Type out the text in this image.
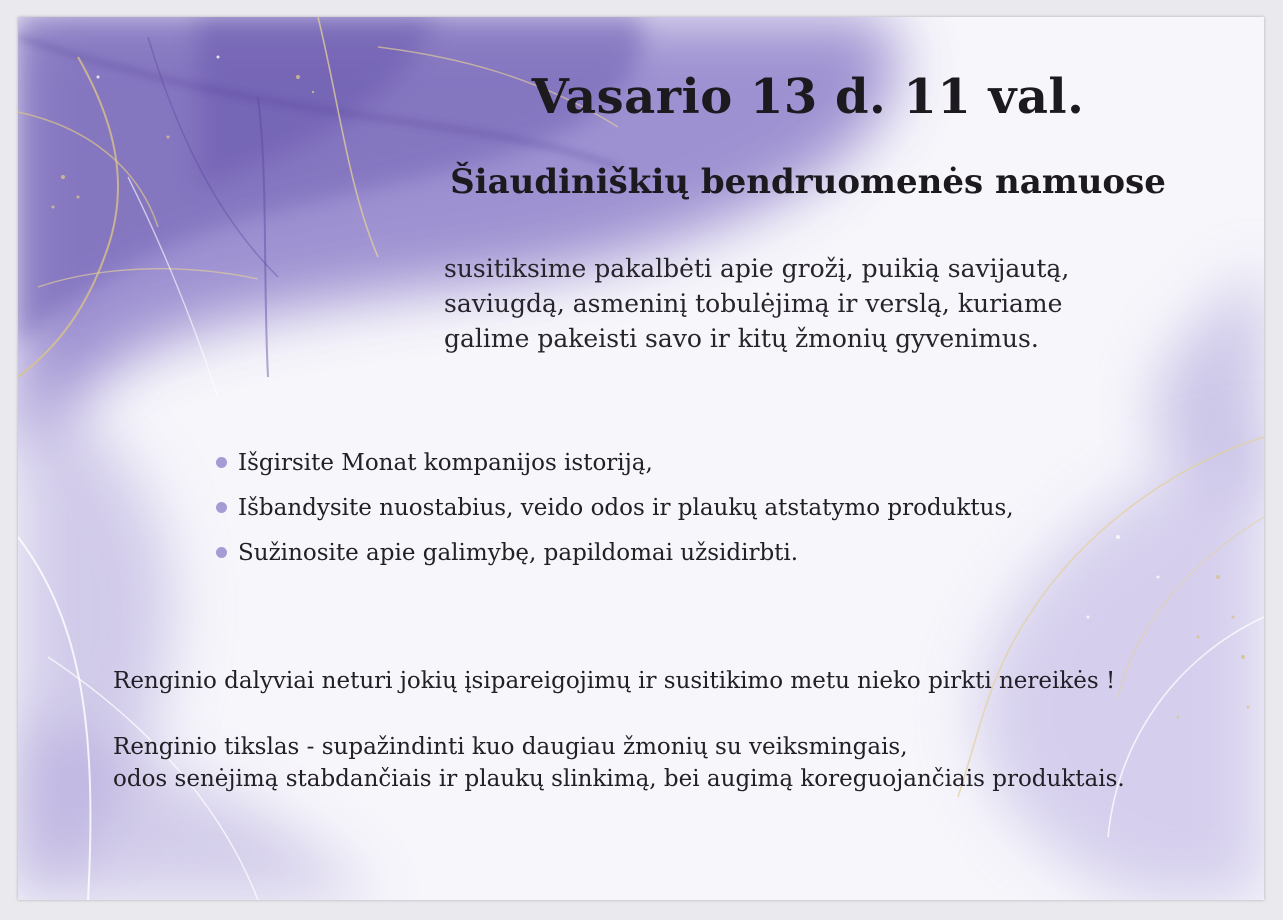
Vasario 13 d. 11 val.
Šiaudiniškių bendruomenės namuose

susitiksime pakalbėti apie grožį, puikią savijautą,
saviugdą, asmeninį tobulėjimą ir verslą, kuriame
galime pakeisti savo ir kitų žmonių gyvenimus.

Išgirsite Monat kompanijos istoriją,
Išbandysite nuostabius, veido odos ir plaukų atstatymo produktus,
Sužinosite apie galimybę, papildomai užsidirbti.

Renginio dalyviai neturi jokių įsipareigojimų ir susitikimo metu nieko pirkti nereikės !

Renginio tikslas - supažindinti kuo daugiau žmonių su veiksmingais,
odos senėjimą stabdančiais ir plaukų slinkimą, bei augimą koreguojančiais produktais.
